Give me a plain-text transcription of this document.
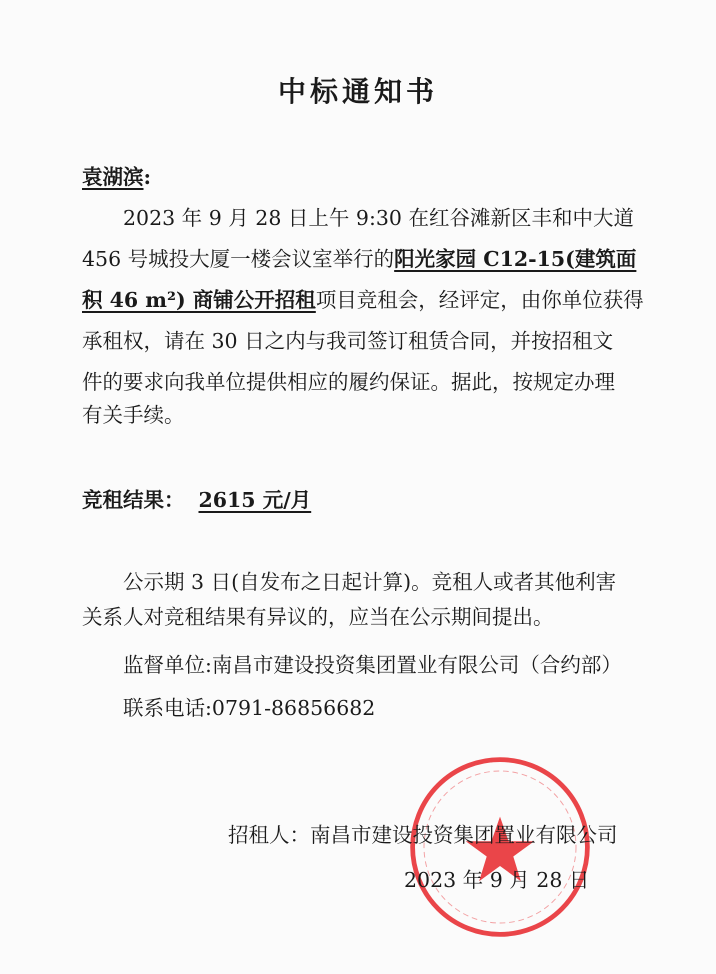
中标通知书
袁湖滨:
2023 年 9 月 28 日上午 9:30 在红谷滩新区丰和中大道
456 号城投大厦一楼会议室举行的阳光家园 C12-15(建筑面
积 46 m²) 商铺公开招租项目竞租会，经评定，由你单位获得
承租权，请在 30 日之内与我司签订租赁合同，并按招租文
件的要求向我单位提供相应的履约保证。据此，按规定办理
有关手续。
竞租结果： 2615 元/月
公示期 3 日(自发布之日起计算)。竞租人或者其他利害
关系人对竞租结果有异议的，应当在公示期间提出。
监督单位:南昌市建设投资集团置业有限公司（合约部）
联系电话:0791-86856682
招租人：南昌市建设投资集团置业有限公司
2023 年 9 月 28 日
